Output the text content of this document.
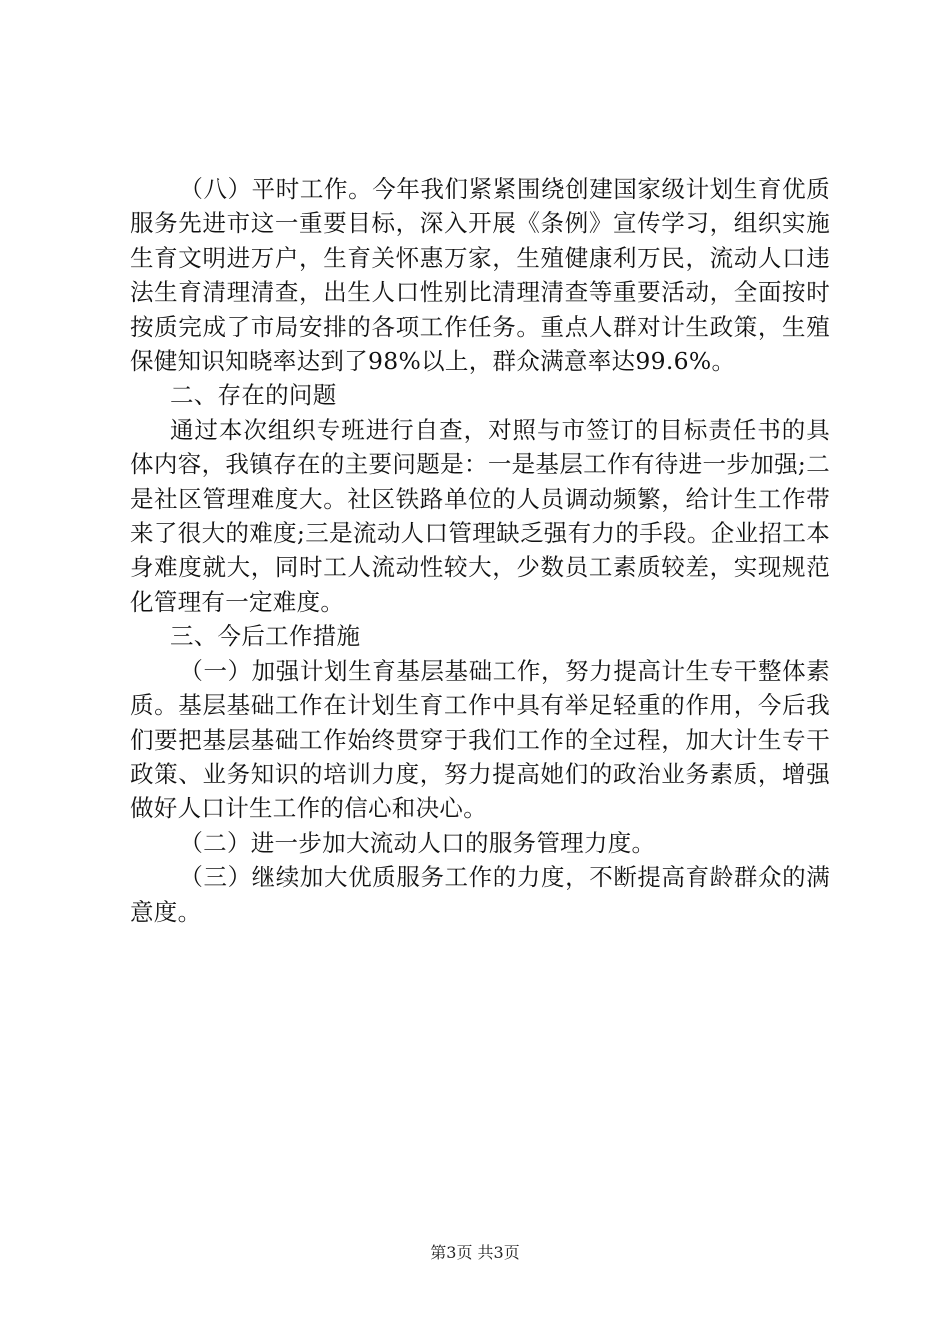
（八）平时工作。今年我们紧紧围绕创建国家级计划生育优质服务先进市这一重要目标，深入开展《条例》宣传学习，组织实施生育文明进万户，生育关怀惠万家，生殖健康利万民，流动人口违法生育清理清查，出生人口性别比清理清查等重要活动，全面按时按质完成了市局安排的各项工作任务。重点人群对计生政策，生殖保健知识知晓率达到了98%以上，群众满意率达99.6%。

二、存在的问题

通过本次组织专班进行自查，对照与市签订的目标责任书的具体内容，我镇存在的主要问题是：一是基层工作有待进一步加强;二是社区管理难度大。社区铁路单位的人员调动频繁，给计生工作带来了很大的难度;三是流动人口管理缺乏强有力的手段。企业招工本身难度就大，同时工人流动性较大，少数员工素质较差，实现规范化管理有一定难度。

三、今后工作措施

（一）加强计划生育基层基础工作，努力提高计生专干整体素质。基层基础工作在计划生育工作中具有举足轻重的作用，今后我们要把基层基础工作始终贯穿于我们工作的全过程，加大计生专干政策、业务知识的培训力度，努力提高她们的政治业务素质，增强做好人口计生工作的信心和决心。

（二）进一步加大流动人口的服务管理力度。

（三）继续加大优质服务工作的力度，不断提高育龄群众的满意度。

第3页 共3页
